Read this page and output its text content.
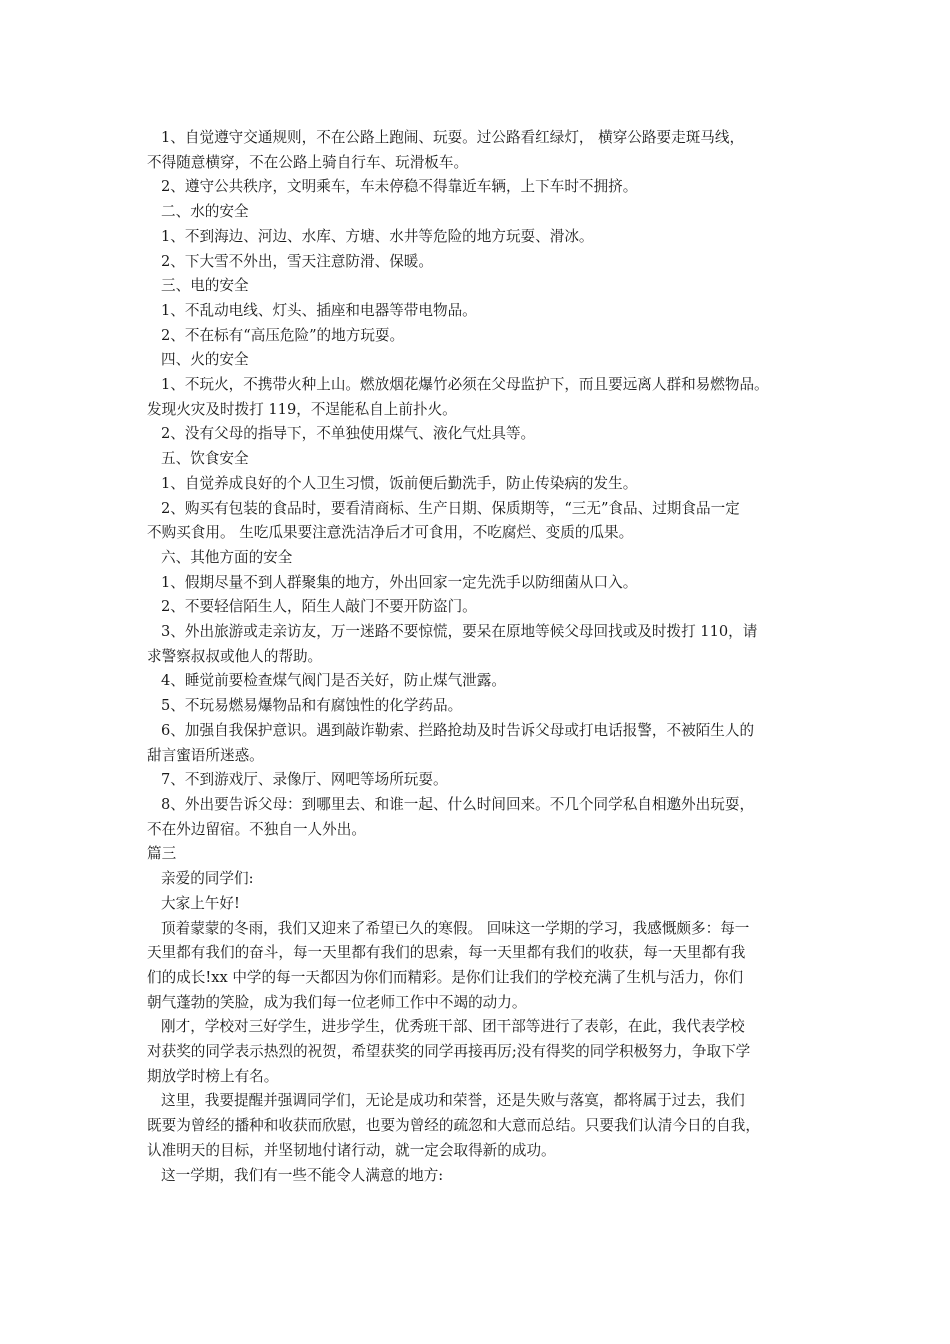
1、自觉遵守交通规则，不在公路上跑闹、玩耍。过公路看红绿灯， 横穿公路要走斑马线，

不得随意横穿，不在公路上骑自行车、玩滑板车。

2、遵守公共秩序，文明乘车，车未停稳不得靠近车辆，上下车时不拥挤。

二、水的安全

1、不到海边、河边、水库、方塘、水井等危险的地方玩耍、滑冰。

2、下大雪不外出，雪天注意防滑、保暖。

三、电的安全

1、不乱动电线、灯头、插座和电器等带电物品。

2、不在标有“高压危险”的地方玩耍。

四、火的安全

1、不玩火，不携带火种上山。燃放烟花爆竹必须在父母监护下，而且要远离人群和易燃物品。

发现火灾及时拨打 119，不逞能私自上前扑火。

2、没有父母的指导下，不单独使用煤气、液化气灶具等。

五、饮食安全

1、自觉养成良好的个人卫生习惯，饭前便后勤洗手，防止传染病的发生。

2、购买有包装的食品时，要看清商标、生产日期、保质期等，“三无”食品、过期食品一定

不购买食用。 生吃瓜果要注意洗洁净后才可食用，不吃腐烂、变质的瓜果。

六、其他方面的安全

1、假期尽量不到人群聚集的地方，外出回家一定先洗手以防细菌从口入。

2、不要轻信陌生人，陌生人敲门不要开防盗门。

3、外出旅游或走亲访友，万一迷路不要惊慌，要呆在原地等候父母回找或及时拨打 110，请

求警察叔叔或他人的帮助。

4、睡觉前要检查煤气阀门是否关好，防止煤气泄露。

5、不玩易燃易爆物品和有腐蚀性的化学药品。

6、加强自我保护意识。遇到敲诈勒索、拦路抢劫及时告诉父母或打电话报警，不被陌生人的

甜言蜜语所迷惑。

7、不到游戏厅、录像厅、网吧等场所玩耍。

8、外出要告诉父母：到哪里去、和谁一起、什么时间回来。不几个同学私自相邀外出玩耍，

不在外边留宿。不独自一人外出。

篇三

亲爱的同学们:

大家上午好!

顶着蒙蒙的冬雨，我们又迎来了希望已久的寒假。 回味这一学期的学习，我感慨颇多：每一

天里都有我们的奋斗，每一天里都有我们的思索，每一天里都有我们的收获，每一天里都有我

们的成长!xx 中学的每一天都因为你们而精彩。是你们让我们的学校充满了生机与活力，你们

朝气蓬勃的笑脸，成为我们每一位老师工作中不竭的动力。

刚才，学校对三好学生，进步学生，优秀班干部、团干部等进行了表彰，在此，我代表学校

对获奖的同学表示热烈的祝贺，希望获奖的同学再接再厉;没有得奖的同学积极努力，争取下学

期放学时榜上有名。

这里，我要提醒并强调同学们，无论是成功和荣誉，还是失败与落寞，都将属于过去，我们

既要为曾经的播种和收获而欣慰，也要为曾经的疏忽和大意而总结。只要我们认清今日的自我，

认准明天的目标，并坚韧地付诸行动，就一定会取得新的成功。

这一学期，我们有一些不能令人满意的地方:
